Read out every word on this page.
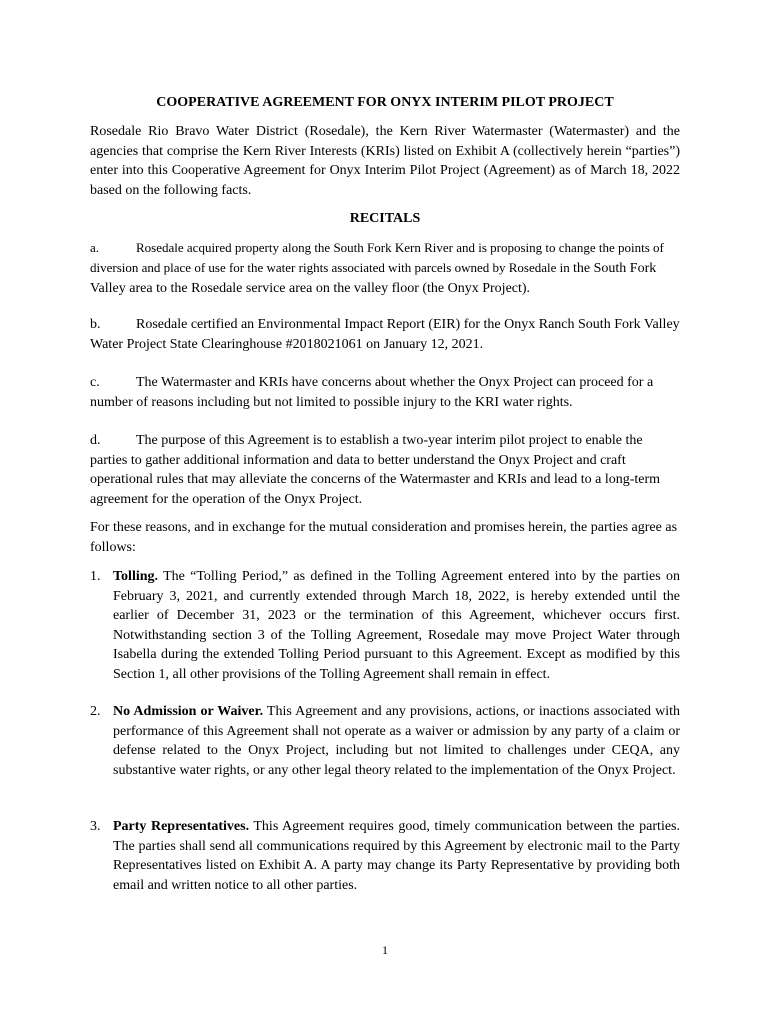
COOPERATIVE AGREEMENT FOR ONYX INTERIM PILOT PROJECT
Rosedale Rio Bravo Water District (Rosedale), the Kern River Watermaster (Watermaster) and the agencies that comprise the Kern River Interests (KRIs) listed on Exhibit A (collectively herein “parties”) enter into this Cooperative Agreement for Onyx Interim Pilot Project (Agreement) as of March 18, 2022 based on the following facts.
RECITALS
a.	Rosedale acquired property along the South Fork Kern River and is proposing to change the points of diversion and place of use for the water rights associated with parcels owned by Rosedale in the South Fork Valley area to the Rosedale service area on the valley floor (the Onyx Project).
b.	Rosedale certified an Environmental Impact Report (EIR) for the Onyx Ranch South Fork Valley Water Project State Clearinghouse #2018021061 on January 12, 2021.
c.	The Watermaster and KRIs have concerns about whether the Onyx Project can proceed for a number of reasons including but not limited to possible injury to the KRI water rights.
d.	The purpose of this Agreement is to establish a two-year interim pilot project to enable the parties to gather additional information and data to better understand the Onyx Project and craft operational rules that may alleviate the concerns of the Watermaster and KRIs and lead to a long-term agreement for the operation of the Onyx Project.
For these reasons, and in exchange for the mutual consideration and promises herein, the parties agree as follows:
1. Tolling. The “Tolling Period,” as defined in the Tolling Agreement entered into by the parties on February 3, 2021, and currently extended through March 18, 2022, is hereby extended until the earlier of December 31, 2023 or the termination of this Agreement, whichever occurs first. Notwithstanding section 3 of the Tolling Agreement, Rosedale may move Project Water through Isabella during the extended Tolling Period pursuant to this Agreement. Except as modified by this Section 1, all other provisions of the Tolling Agreement shall remain in effect.
2. No Admission or Waiver. This Agreement and any provisions, actions, or inactions associated with performance of this Agreement shall not operate as a waiver or admission by any party of a claim or defense related to the Onyx Project, including but not limited to challenges under CEQA, any substantive water rights, or any other legal theory related to the implementation of the Onyx Project.
3. Party Representatives. This Agreement requires good, timely communication between the parties. The parties shall send all communications required by this Agreement by electronic mail to the Party Representatives listed on Exhibit A. A party may change its Party Representative by providing both email and written notice to all other parties.
1
